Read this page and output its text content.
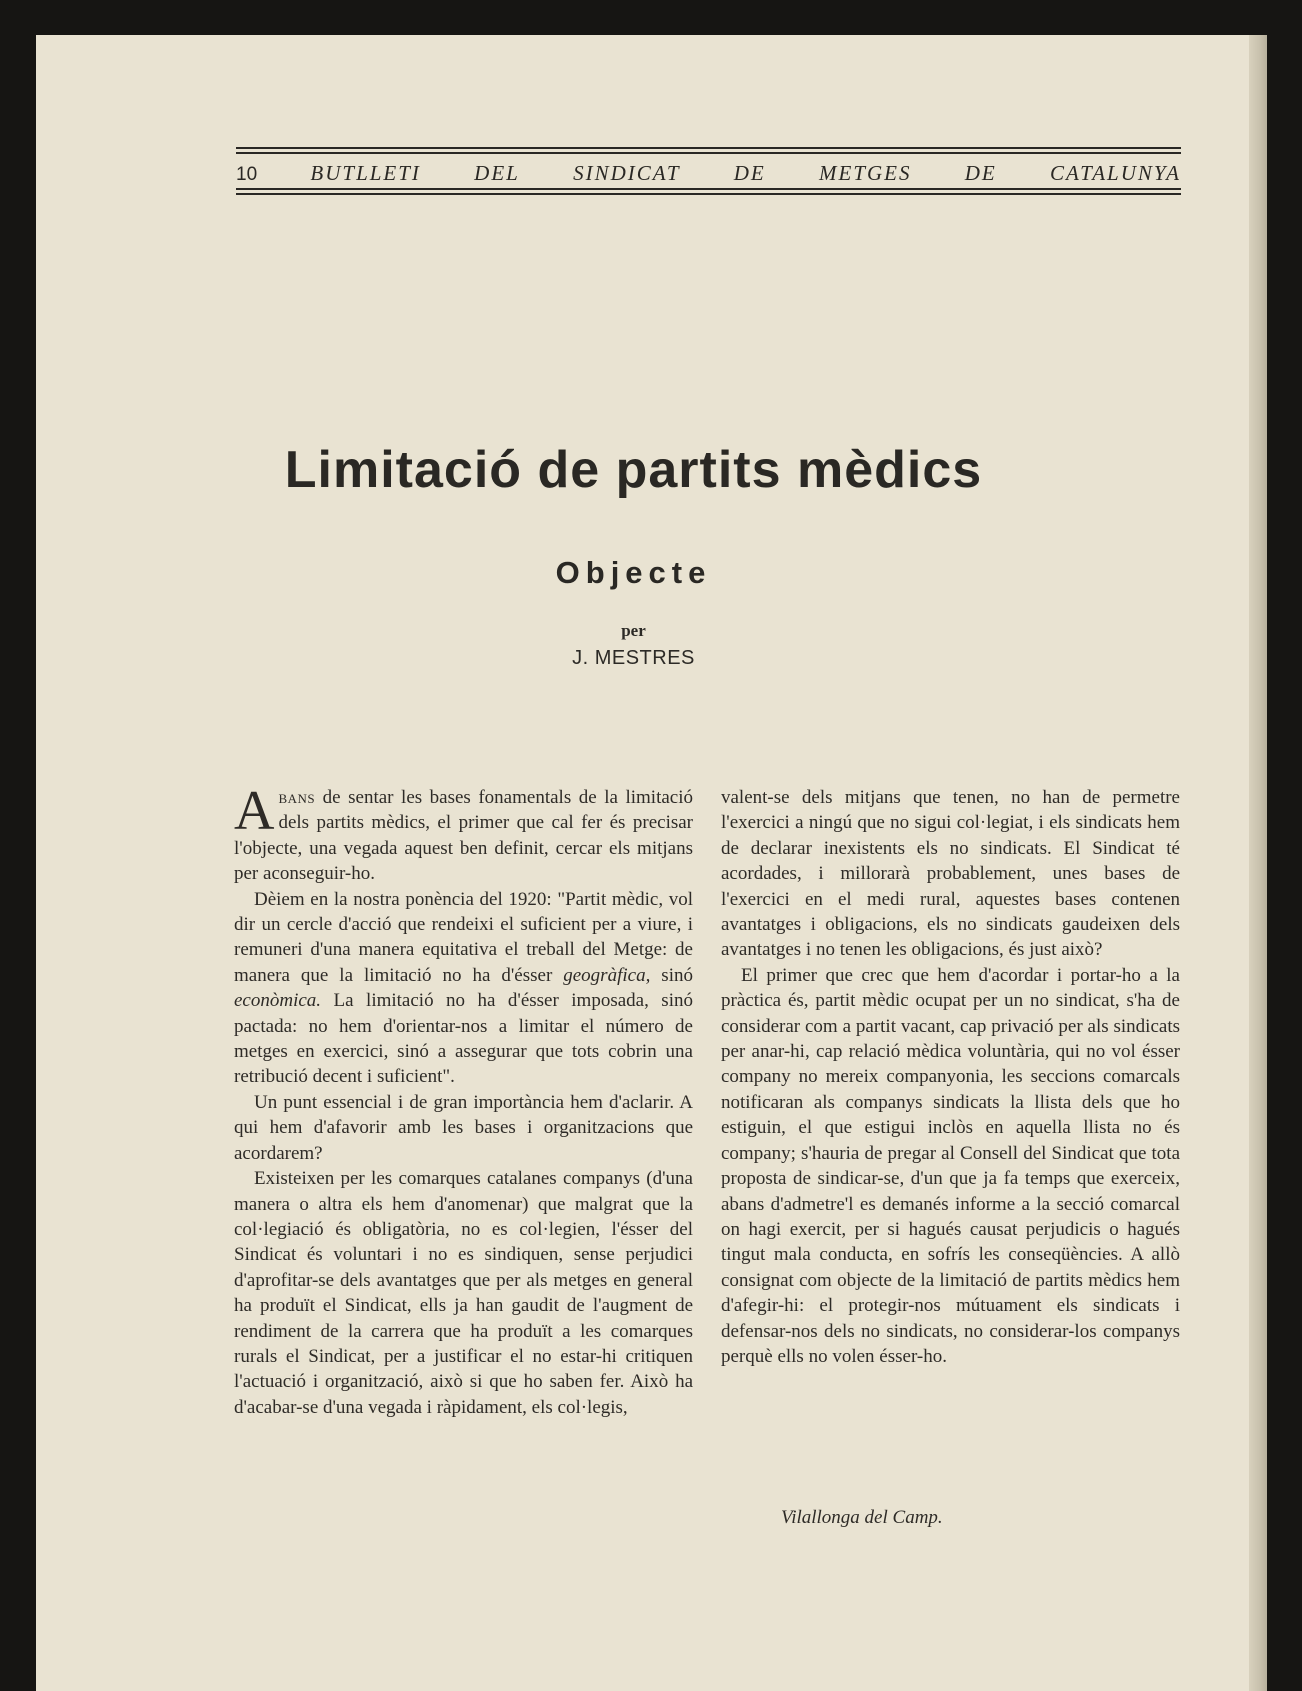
10	BUTLLETI	DEL	SINDICAT	DE	METGES	DE	CATALUNYA
Limitació de partits mèdics
Objecte

per

J. MESTRES

Abans de sentar les bases fonamentals de la limitació dels partits mèdics, el primer que cal fer és precisar l'objecte, una vegada aquest ben definit, cercar els mitjans per aconseguir-ho.

Dèiem en la nostra ponència del 1920: "Partit mèdic, vol dir un cercle d'acció que rendeixi el suficient per a viure, i remuneri d'una manera equitativa el treball del Metge: de manera que la limitació no ha d'ésser geogràfica, sinó econòmica. La limitació no ha d'ésser imposada, sinó pactada: no hem d'orientar-nos a limitar el número de metges en exercici, sinó a assegurar que tots cobrin una retribució decent i suficient".

Un punt essencial i de gran importància hem d'aclarir. A qui hem d'afavorir amb les bases i organitzacions que acordarem?

Existeixen per les comarques catalanes companys (d'una manera o altra els hem d'anomenar) que malgrat que la col·legiació és obligatòria, no es col·legien, l'ésser del Sindicat és voluntari i no es sindiquen, sense perjudici d'aprofitar-se dels avantatges que per als metges en general ha produït el Sindicat, ells ja han gaudit de l'augment de rendiment de la carrera que ha produït a les comarques rurals el Sindicat, per a justificar el no estar-hi critiquen l'actuació i organització, això si que ho saben fer. Això ha d'acabar-se d'una vegada i ràpidament, els col·legis,

valent-se dels mitjans que tenen, no han de permetre l'exercici a ningú que no sigui col·legiat, i els sindicats hem de declarar inexistents els no sindicats. El Sindicat té acordades, i millorarà probablement, unes bases de l'exercici en el medi rural, aquestes bases contenen avantatges i obligacions, els no sindicats gaudeixen dels avantatges i no tenen les obligacions, és just això?

El primer que crec que hem d'acordar i portar-ho a la pràctica és, partit mèdic ocupat per un no sindicat, s'ha de considerar com a partit vacant, cap privació per als sindicats per anar-hi, cap relació mèdica voluntària, qui no vol ésser company no mereix companyonia, les seccions comarcals notificaran als companys sindicats la llista dels que ho estiguin, el que estigui inclòs en aquella llista no és company; s'hauria de pregar al Consell del Sindicat que tota proposta de sindicar-se, d'un que ja fa temps que exerceix, abans d'admetre'l es demanés informe a la secció comarcal on hagi exercit, per si hagués causat perjudicis o hagués tingut mala conducta, en sofrís les conseqüències. A allò consignat com objecte de la limitació de partits mèdics hem d'afegir-hi: el protegir-nos mútuament els sindicats i defensar-nos dels no sindicats, no considerar-los companys perquè ells no volen ésser-ho.

Vilallonga del Camp.
